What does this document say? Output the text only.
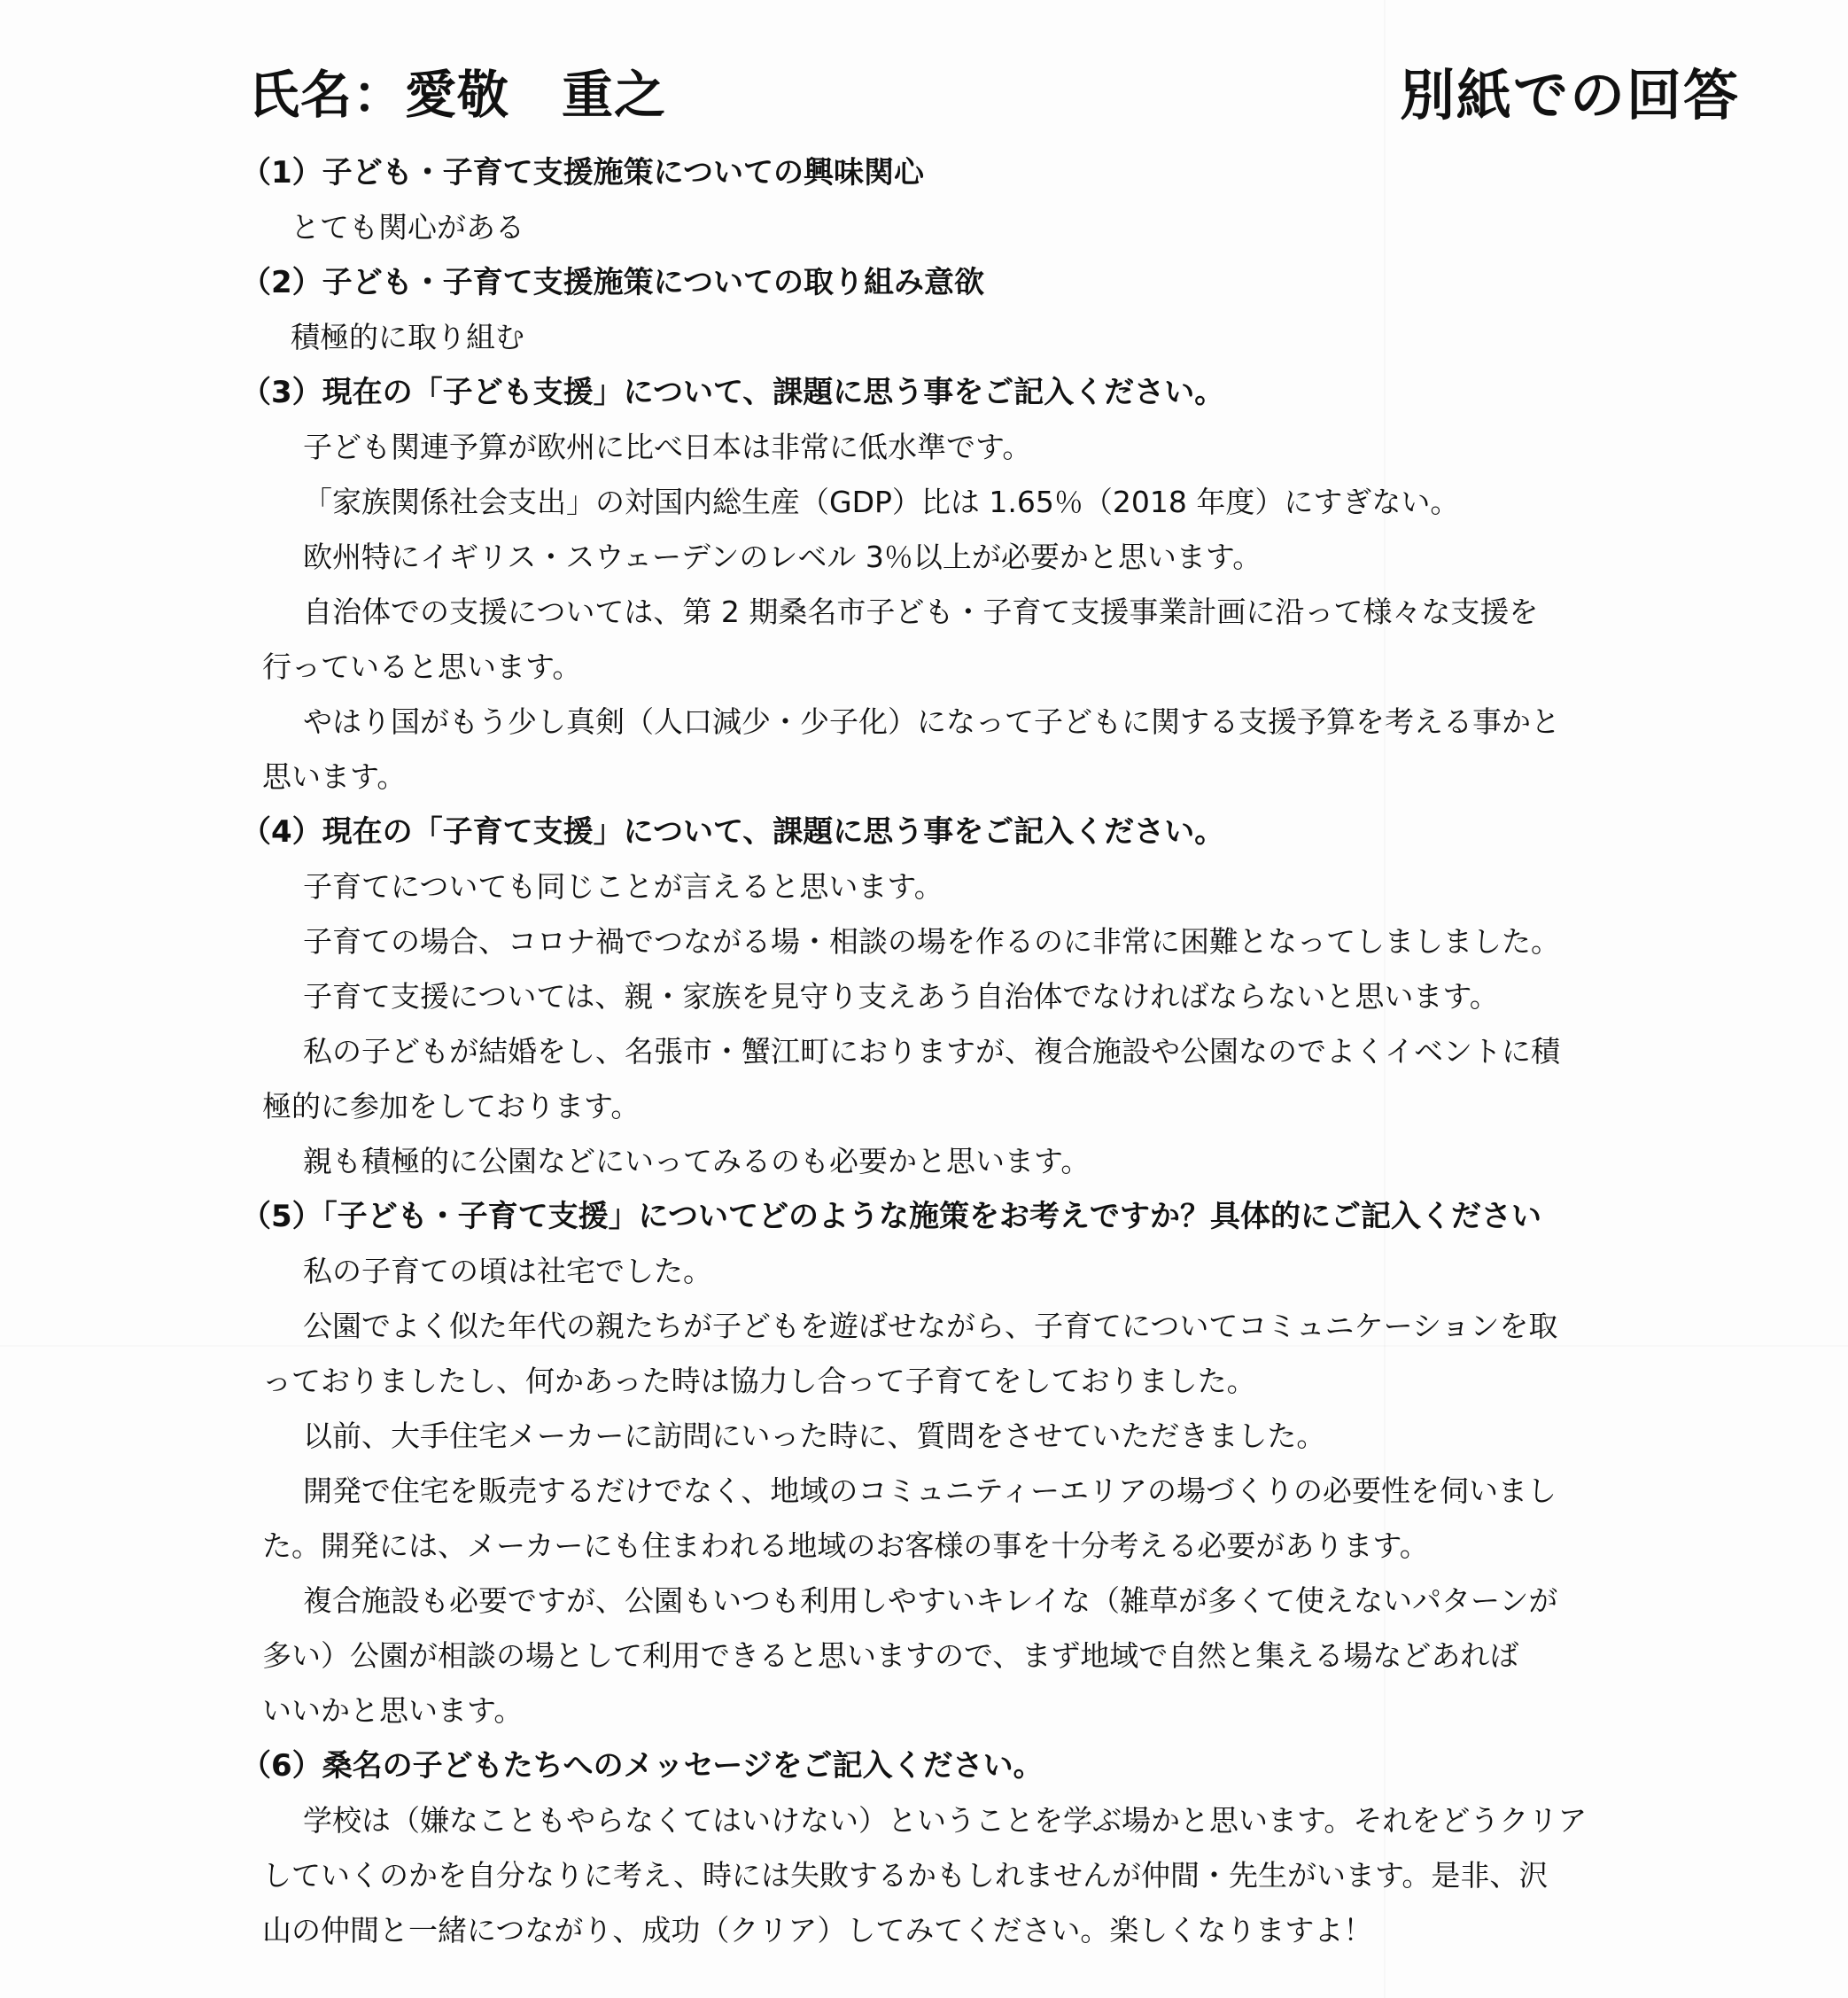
氏名：愛敬　重之	別紙での回答
（1）子ども・子育て支援施策についての興味関心
とても関心がある
（2）子ども・子育て支援施策についての取り組み意欲
積極的に取り組む
（3）現在の「子ども支援」について、課題に思う事をご記入ください。

子ども関連予算が欧州に比べ日本は非常に低水準です。

「家族関係社会支出」の対国内総生産（GDP）比は 1.65％（2018 年度）にすぎない。

欧州特にイギリス・スウェーデンのレベル 3％以上が必要かと思います。

自治体での支援については、第 2 期桑名市子ども・子育て支援事業計画に沿って様々な支援を
行っていると思います。

やはり国がもう少し真剣（人口減少・少子化）になって子どもに関する支援予算を考える事かと
思います。

（4）現在の「子育て支援」について、課題に思う事をご記入ください。

子育てについても同じことが言えると思います。

子育ての場合、コロナ禍でつながる場・相談の場を作るのに非常に困難となってしましました。

子育て支援については、親・家族を見守り支えあう自治体でなければならないと思います。

私の子どもが結婚をし、名張市・蟹江町におりますが、複合施設や公園なのでよくイベントに積
極的に参加をしております。

親も積極的に公園などにいってみるのも必要かと思います。

（5）「子ども・子育て支援」についてどのような施策をお考えですか？具体的にご記入ください

私の子育ての頃は社宅でした。

公園でよく似た年代の親たちが子どもを遊ばせながら、子育てについてコミュニケーションを取
っておりましたし、何かあった時は協力し合って子育てをしておりました。

以前、大手住宅メーカーに訪問にいった時に、質問をさせていただきました。

開発で住宅を販売するだけでなく、地域のコミュニティーエリアの場づくりの必要性を伺いまし
た。開発には、メーカーにも住まわれる地域のお客様の事を十分考える必要があります。

複合施設も必要ですが、公園もいつも利用しやすいキレイな（雑草が多くて使えないパターンが
多い）公園が相談の場として利用できると思いますので、まず地域で自然と集える場などあれば
いいかと思います。

（6）桑名の子どもたちへのメッセージをご記入ください。

学校は（嫌なこともやらなくてはいけない）ということを学ぶ場かと思います。それをどうクリア
していくのかを自分なりに考え、時には失敗するかもしれませんが仲間・先生がいます。是非、沢
山の仲間と一緒につながり、成功（クリア）してみてください。楽しくなりますよ！
